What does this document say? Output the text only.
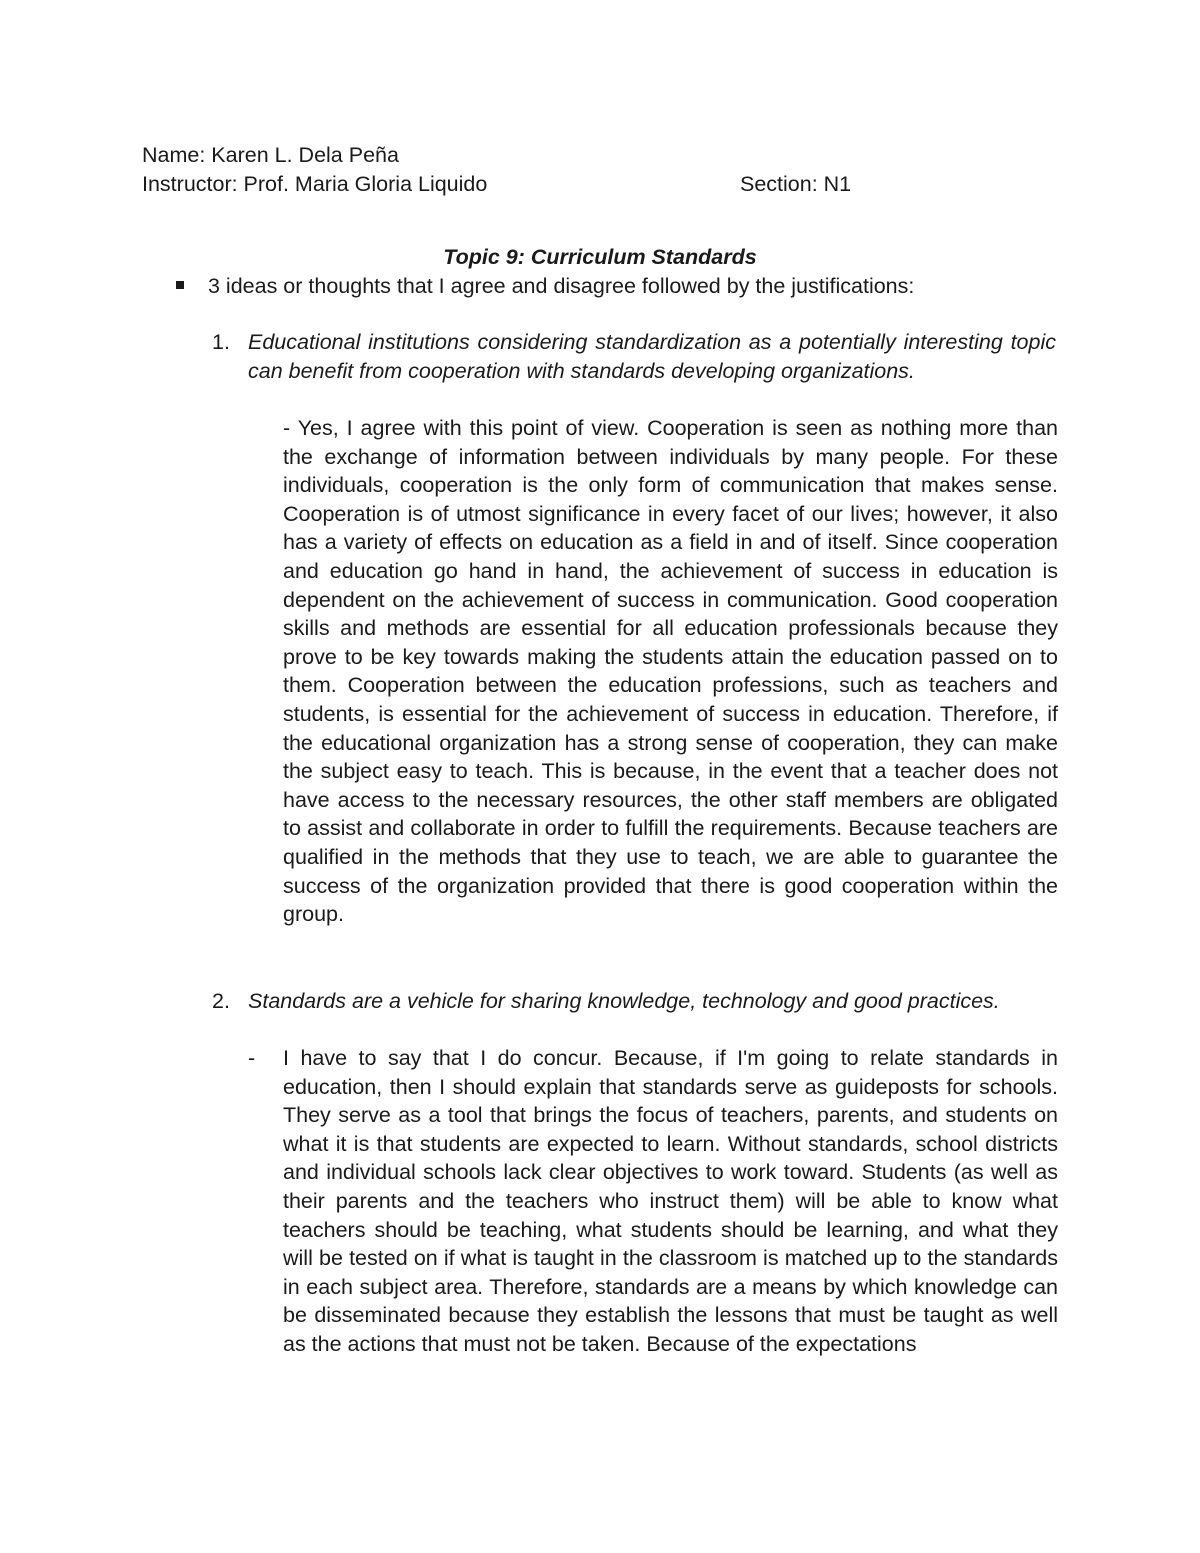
Name: Karen L. Dela Peña
Instructor: Prof. Maria Gloria Liquido	Section: N1
Topic 9: Curriculum Standards
3 ideas or thoughts that I agree and disagree followed by the justifications:
1. Educational institutions considering standardization as a potentially interesting topic can benefit from cooperation with standards developing organizations.

- Yes, I agree with this point of view. Cooperation is seen as nothing more than the exchange of information between individuals by many people. For these individuals, cooperation is the only form of communication that makes sense. Cooperation is of utmost significance in every facet of our lives; however, it also has a variety of effects on education as a field in and of itself. Since cooperation and education go hand in hand, the achievement of success in education is dependent on the achievement of success in communication. Good cooperation skills and methods are essential for all education professionals because they prove to be key towards making the students attain the education passed on to them. Cooperation between the education professions, such as teachers and students, is essential for the achievement of success in education. Therefore, if the educational organization has a strong sense of cooperation, they can make the subject easy to teach. This is because, in the event that a teacher does not have access to the necessary resources, the other staff members are obligated to assist and collaborate in order to fulfill the requirements. Because teachers are qualified in the methods that they use to teach, we are able to guarantee the success of the organization provided that there is good cooperation within the group.

2. Standards are a vehicle for sharing knowledge, technology and good practices.

- I have to say that I do concur. Because, if I'm going to relate standards in education, then I should explain that standards serve as guideposts for schools. They serve as a tool that brings the focus of teachers, parents, and students on what it is that students are expected to learn. Without standards, school districts and individual schools lack clear objectives to work toward. Students (as well as their parents and the teachers who instruct them) will be able to know what teachers should be teaching, what students should be learning, and what they will be tested on if what is taught in the classroom is matched up to the standards in each subject area. Therefore, standards are a means by which knowledge can be disseminated because they establish the lessons that must be taught as well as the actions that must not be taken. Because of the expectations
